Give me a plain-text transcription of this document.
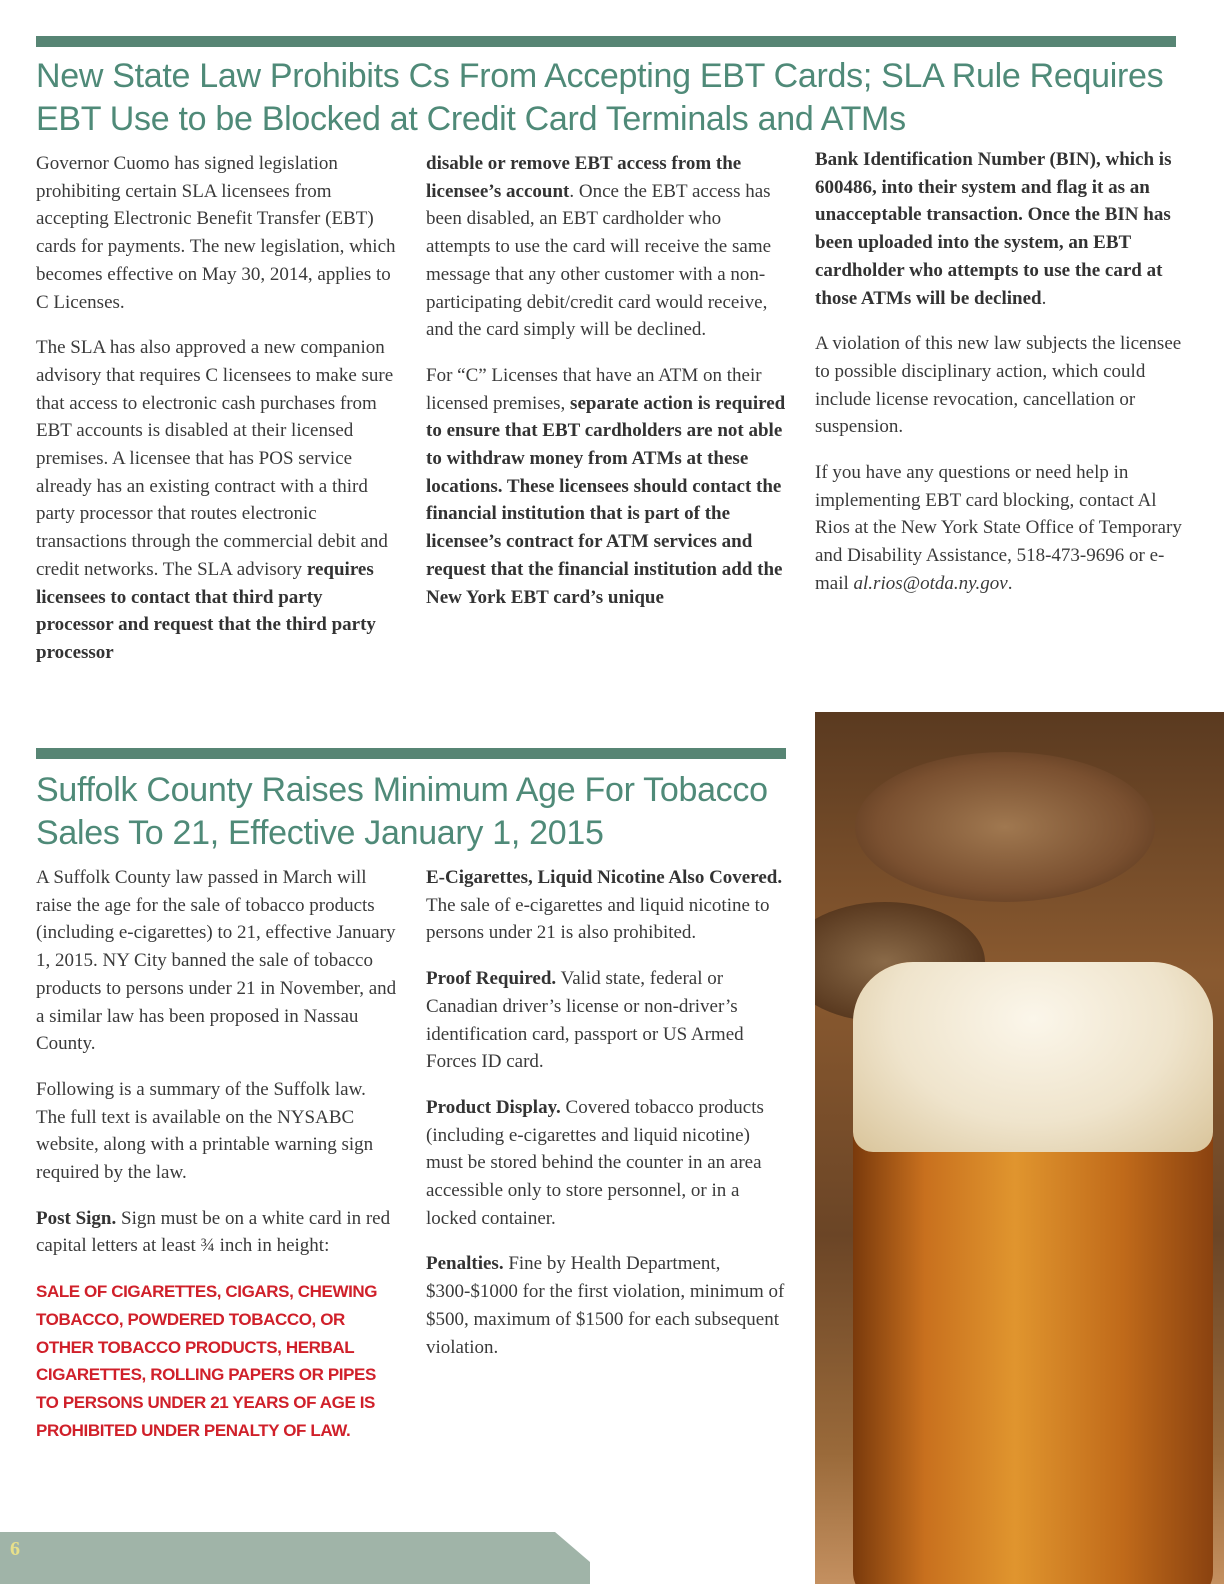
New State Law Prohibits Cs From Accepting EBT Cards; SLA Rule Requires EBT Use to be Blocked at Credit Card Terminals and ATMs

Governor Cuomo has signed legislation prohibiting certain SLA licensees from accepting Electronic Benefit Transfer (EBT) cards for payments. The new legislation, which becomes effective on May 30, 2014, applies to C Licenses.

The SLA has also approved a new companion advisory that requires C licensees to make sure that access to electronic cash purchases from EBT accounts is disabled at their licensed premises. A licensee that has POS service already has an existing contract with a third party processor that routes electronic transactions through the commercial debit and credit networks. The SLA advisory requires licensees to contact that third party processor and request that the third party processor

disable or remove EBT access from the licensee’s account. Once the EBT access has been disabled, an EBT cardholder who attempts to use the card will receive the same message that any other customer with a non-participating debit/credit card would receive, and the card simply will be declined.

For “C” Licenses that have an ATM on their licensed premises, separate action is required to ensure that EBT cardholders are not able to withdraw money from ATMs at these locations. These licensees should contact the financial institution that is part of the licensee’s contract for ATM services and request that the financial institution add the New York EBT card’s unique

Bank Identification Number (BIN), which is 600486, into their system and flag it as an unacceptable transaction. Once the BIN has been uploaded into the system, an EBT cardholder who attempts to use the card at those ATMs will be declined.

A violation of this new law subjects the licensee to possible disciplinary action, which could include license revocation, cancellation or suspension.

If you have any questions or need help in implementing EBT card blocking, contact Al Rios at the New York State Office of Temporary and Disability Assistance, 518-473-9696 or e-mail al.rios@otda.ny.gov.

Suffolk County Raises Minimum Age For Tobacco Sales To 21, Effective January 1, 2015

A Suffolk County law passed in March will raise the age for the sale of tobacco products (including e-cigarettes) to 21, effective January 1, 2015. NY City banned the sale of tobacco products to persons under 21 in November, and a similar law has been proposed in Nassau County.

Following is a summary of the Suffolk law. The full text is available on the NYSABC website, along with a printable warning sign required by the law.

Post Sign. Sign must be on a white card in red capital letters at least ¾ inch in height:

SALE OF CIGARETTES, CIGARS, CHEWING TOBACCO, POWDERED TOBACCO, OR OTHER TOBACCO PRODUCTS, HERBAL CIGARETTES, ROLLING PAPERS OR PIPES TO PERSONS UNDER 21 YEARS OF AGE IS PROHIBITED UNDER PENALTY OF LAW.

E-Cigarettes, Liquid Nicotine Also Covered. The sale of e-cigarettes and liquid nicotine to persons under 21 is also prohibited.

Proof Required. Valid state, federal or Canadian driver’s license or non-driver’s identification card, passport or US Armed Forces ID card.

Product Display. Covered tobacco products (including e-cigarettes and liquid nicotine) must be stored behind the counter in an area accessible only to store personnel, or in a locked container.

Penalties. Fine by Health Department, $300-$1000 for the first violation, minimum of $500, maximum of $1500 for each subsequent violation.

6
